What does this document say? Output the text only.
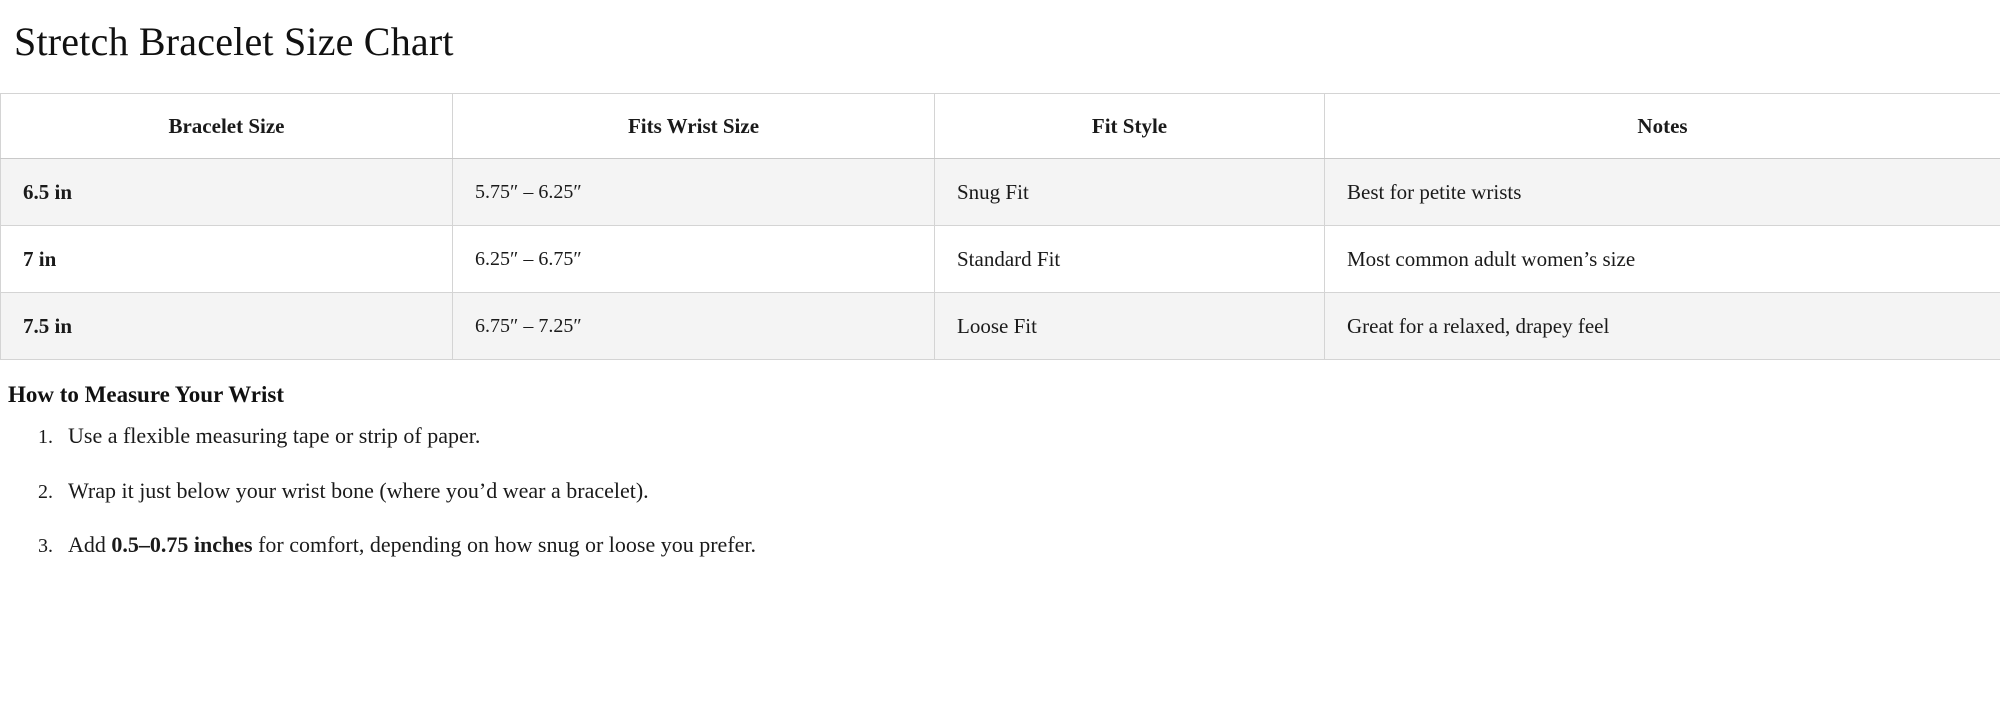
Stretch Bracelet Size Chart
Bracelet Size	Fits Wrist Size	Fit Style	Notes
6.5 in	5.75″ – 6.25″	Snug Fit	Best for petite wrists
7 in	6.25″ – 6.75″	Standard Fit	Most common adult women’s size
7.5 in	6.75″ – 7.25″	Loose Fit	Great for a relaxed, drapey feel
How to Measure Your Wrist
1. Use a flexible measuring tape or strip of paper.
2. Wrap it just below your wrist bone (where you’d wear a bracelet).
3. Add 0.5–0.75 inches for comfort, depending on how snug or loose you prefer.
